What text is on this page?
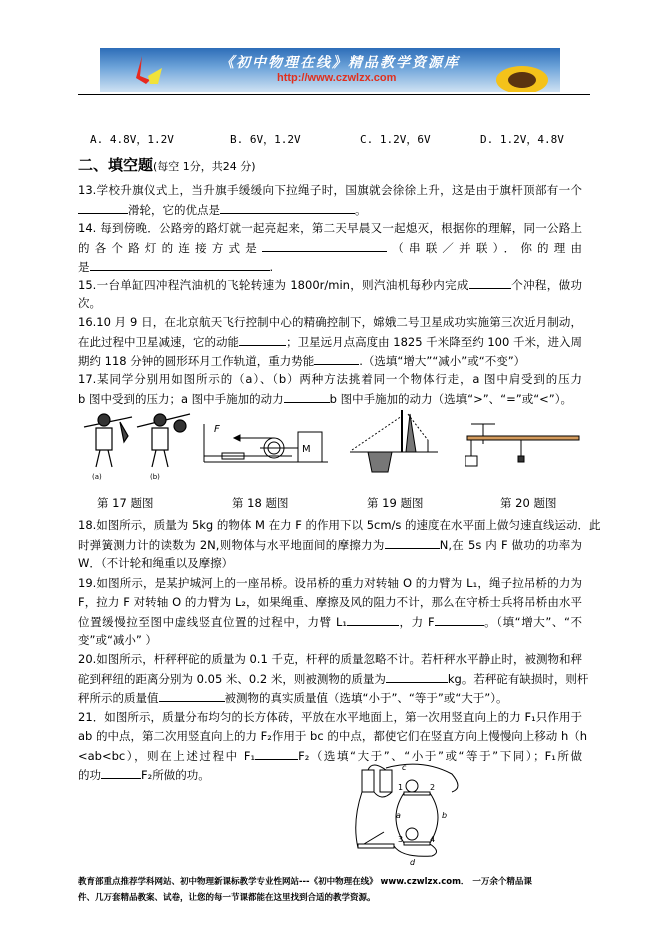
《初中物理在线》精品教学资源库
http://www.czwlzx.com
A. 4.8V，1.2V	B. 6V，1.2V	C. 1.2V，6V	D. 1.2V，4.8V
二、填空题(每空 1分，共24 分)
13.学校升旗仪式上，当升旗手缓缓向下拉绳子时，国旗就会徐徐上升，这是由于旗杆顶部有一个
滑轮，它的优点是	。
14. 每到傍晚．公路旁的路灯就一起亮起来，第二天早晨又一起熄灭，根据你的理解，同一公路上
的各个路灯的连接方式是	（串联／并联）．你的理由
是	.
15.一台单缸四冲程汽油机的飞轮转速为 1800r/min，则汽油机每秒内完成	个冲程，做功
次。
16.10 月 9 日，在北京航天飞行控制中心的精确控制下，嫦娥二号卫星成功实施第三次近月制动，
在此过程中卫星减速，它的动能	；卫星远月点高度由 1825 千米降至约 100 千米，进入周
期约 118 分钟的圆形环月工作轨道，重力势能	.（选填“增大”“减小”或“不变”）
17.某同学分别用如图所示的（a）、（b）两种方法挑着同一个物体行走，a 图中肩受到的压力
b 图中受到的压力；a 图中手施加的动力	b 图中手施加的动力（选填“>”、“=”或“<”）。
18.如图所示，质量为 5kg 的物体 M 在力 F 的作用下以 5cm/s 的速度在水平面上做匀速直线运动．此
时弹簧测力计的读数为 2N,则物体与水平地面间的摩擦力为	N,在 5s 内 F 做功的功率为
W．（不计轮和绳重以及摩擦）
19.如图所示，是某护城河上的一座吊桥。设吊桥的重力对转轴 O 的力臂为 L₁，绳子拉吊桥的力为
F，拉力 F 对转轴 O 的力臂为 L₂，如果绳重、摩擦及风的阻力不计，那么在守桥士兵将吊桥由水平
位置缓慢拉至图中虚线竖直位置的过程中，力臂 L₁	，力 F	。（填“增大”、“不
变”或“减小” ）
20.如图所示，杆秤秤砣的质量为 0.1 千克，杆秤的质量忽略不计。若杆秤水平静止时，被测物和秤
砣到秤纽的距离分别为 0.05 米、0.2 米，则被测物的质量为	kg。若秤砣有缺损时，则杆
秤所示的质量值	被测物的真实质量值（选填“小于”、“等于”或“大于”）。
21．如图所示，质量分布均匀的长方体砖，平放在水平地面上，第一次用竖直向上的力 F₁只作用于
ab 的中点，第二次用竖直向上的力 F₂作用于 bc 的中点，都使它们在竖直方向上慢慢向上移动 h（h
<ab<bc），则在上述过程中 F₁	F₂（选填“大于”、“小于”或“等于”下同）；F₁所做
的功	F₂所做的功。
(a)	(b)
F
M
第 17 题图	第 18 题图	第 19 题图	第 20 题图
教育部重点推荐学科网站、初中物理新课标教学专业性网站---《初中物理在线》 www.czwlzx.com． 一万余个精品课
件、几万套精品教案、试卷，让您的每一节课都能在这里找到合适的教学资源。
c
1	2
a	b
3	4
d
